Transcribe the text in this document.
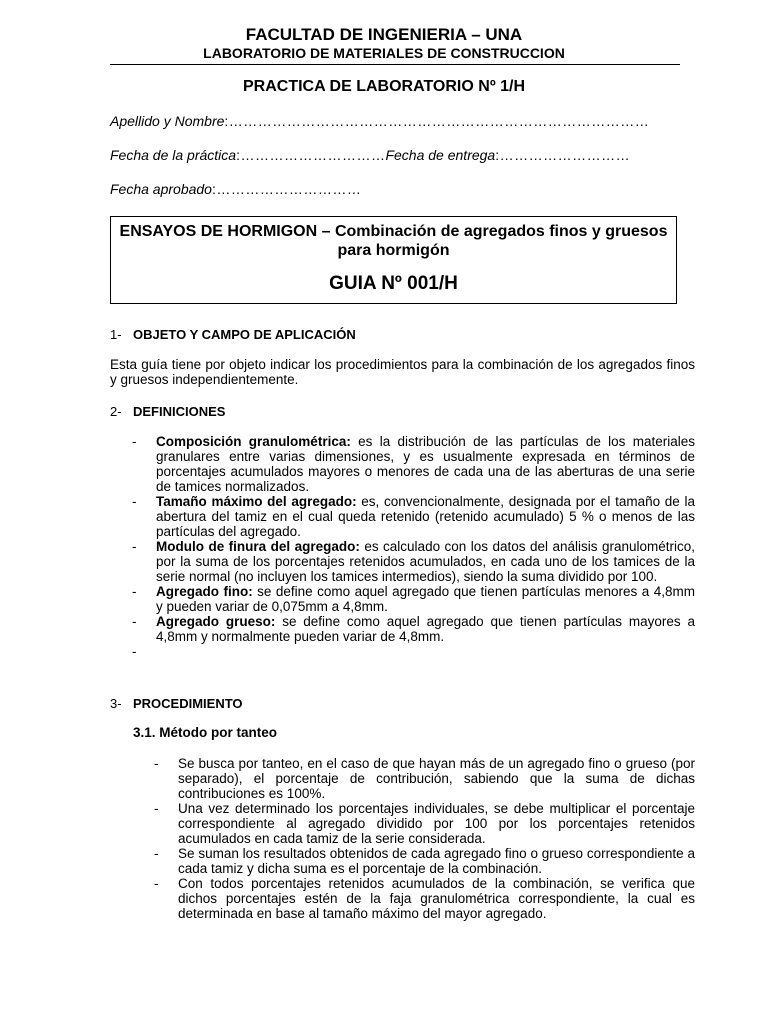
FACULTAD DE INGENIERIA – UNA
LABORATORIO DE MATERIALES DE CONSTRUCCION
PRACTICA DE LABORATORIO Nº 1/H
Apellido y Nombre:……………………………………………………………………………
Fecha de la práctica:…………………………Fecha de entrega:………………………
Fecha aprobado:…………………………
ENSAYOS DE HORMIGON – Combinación de agregados finos y gruesos para hormigón
GUIA Nº 001/H
1- OBJETO Y CAMPO DE APLICACIÓN
Esta guía tiene por objeto indicar los procedimientos para la combinación de los agregados finos y gruesos independientemente.
2- DEFINICIONES
- Composición granulométrica: es la distribución de las partículas de los materiales granulares entre varias dimensiones, y es usualmente expresada en términos de porcentajes acumulados mayores o menores de cada una de las aberturas de una serie de tamices normalizados.
- Tamaño máximo del agregado: es, convencionalmente, designada por el tamaño de la abertura del tamiz en el cual queda retenido (retenido acumulado) 5 % o menos de las partículas del agregado.
- Modulo de finura del agregado: es calculado con los datos del análisis granulométrico, por la suma de los porcentajes retenidos acumulados, en cada uno de los tamices de la serie normal (no incluyen los tamices intermedios), siendo la suma dividido por 100.
- Agregado fino: se define como aquel agregado que tienen partículas menores a 4,8mm y pueden variar de 0,075mm a 4,8mm.
- Agregado grueso: se define como aquel agregado que tienen partículas mayores a 4,8mm y normalmente pueden variar de 4,8mm.
-
3- PROCEDIMIENTO
3.1. Método por tanteo
- Se busca por tanteo, en el caso de que hayan más de un agregado fino o grueso (por separado), el porcentaje de contribución, sabiendo que la suma de dichas contribuciones es 100%.
- Una vez determinado los porcentajes individuales, se debe multiplicar el porcentaje correspondiente al agregado dividido por 100 por los porcentajes retenidos acumulados en cada tamiz de la serie considerada.
- Se suman los resultados obtenidos de cada agregado fino o grueso correspondiente a cada tamiz y dicha suma es el porcentaje de la combinación.
- Con todos porcentajes retenidos acumulados de la combinación, se verifica que dichos porcentajes estén de la faja granulométrica correspondiente, la cual es determinada en base al tamaño máximo del mayor agregado.
